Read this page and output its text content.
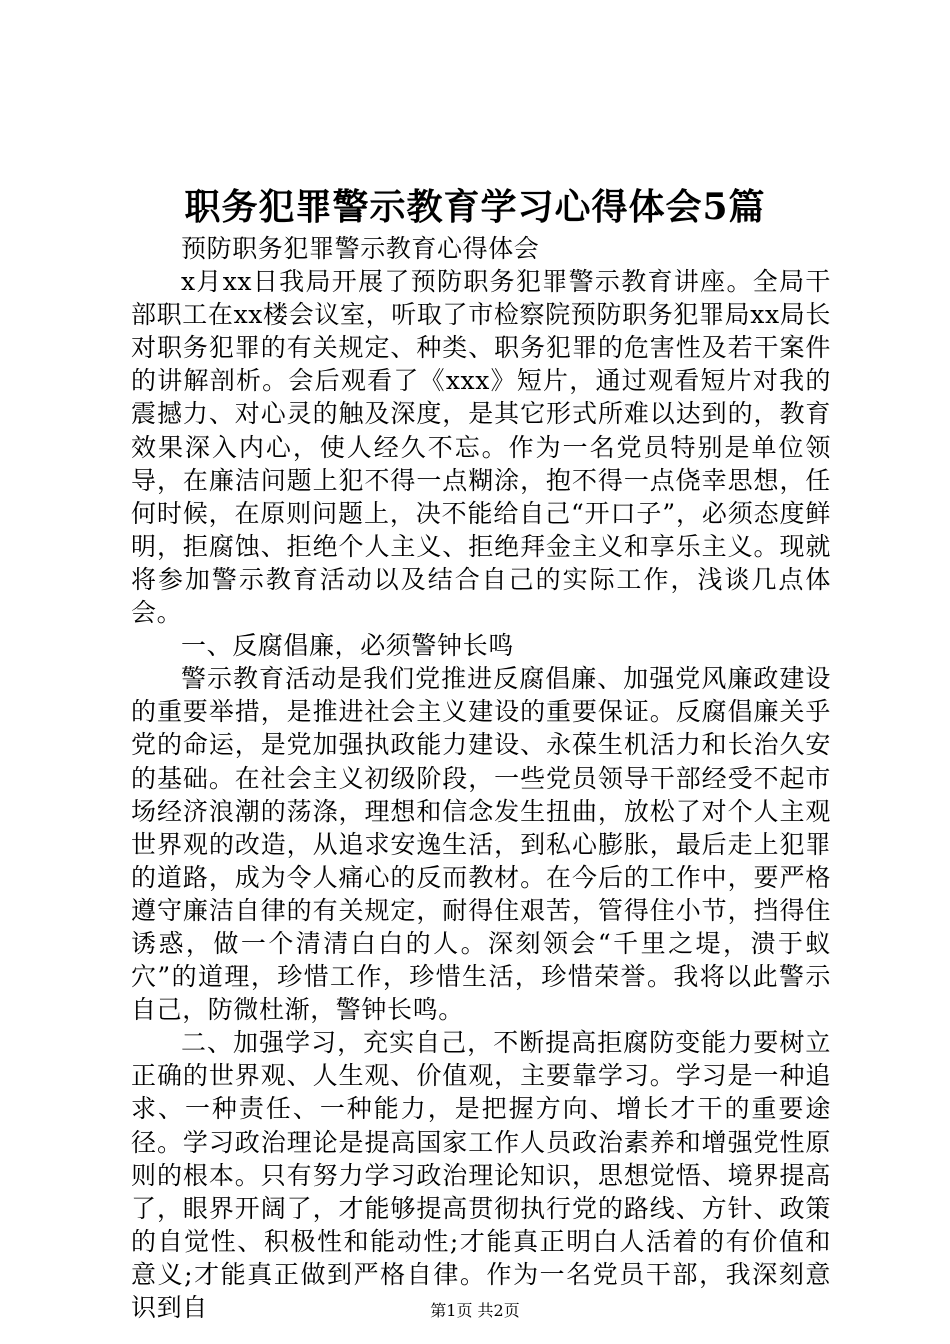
职务犯罪警示教育学习心得体会5篇

预防职务犯罪警示教育心得体会

x月xx日我局开展了预防职务犯罪警示教育讲座。全局干部职工在xx楼会议室，听取了市检察院预防职务犯罪局xx局长对职务犯罪的有关规定、种类、职务犯罪的危害性及若干案件的讲解剖析。会后观看了《xxx》短片，通过观看短片对我的震撼力、对心灵的触及深度，是其它形式所难以达到的，教育效果深入内心，使人经久不忘。作为一名党员特别是单位领导，在廉洁问题上犯不得一点糊涂，抱不得一点侥幸思想，任何时候，在原则问题上，决不能给自己“开口子”，必须态度鲜明，拒腐蚀、拒绝个人主义、拒绝拜金主义和享乐主义。现就将参加警示教育活动以及结合自己的实际工作，浅谈几点体会。

一、反腐倡廉，必须警钟长鸣

警示教育活动是我们党推进反腐倡廉、加强党风廉政建设的重要举措，是推进社会主义建设的重要保证。反腐倡廉关乎党的命运，是党加强执政能力建设、永葆生机活力和长治久安的基础。在社会主义初级阶段，一些党员领导干部经受不起市场经济浪潮的荡涤，理想和信念发生扭曲，放松了对个人主观世界观的改造，从追求安逸生活，到私心膨胀，最后走上犯罪的道路，成为令人痛心的反而教材。在今后的工作中，要严格遵守廉洁自律的有关规定，耐得住艰苦，管得住小节，挡得住诱惑，做一个清清白白的人。深刻领会“千里之堤，溃于蚁穴”的道理，珍惜工作，珍惜生活，珍惜荣誉。我将以此警示自己，防微杜渐，警钟长鸣。

二、加强学习，充实自己，不断提高拒腐防变能力要树立正确的世界观、人生观、价值观，主要靠学习。学习是一种追求、一种责任、一种能力，是把握方向、增长才干的重要途径。学习政治理论是提高国家工作人员政治素养和增强党性原则的根本。只有努力学习政治理论知识，思想觉悟、境界提高了，眼界开阔了，才能够提高贯彻执行党的路线、方针、政策的自觉性、积极性和能动性;才能真正明白人活着的有价值和意义;才能真正做到严格自律。作为一名党员干部，我深刻意识到自	第1页 共2页
